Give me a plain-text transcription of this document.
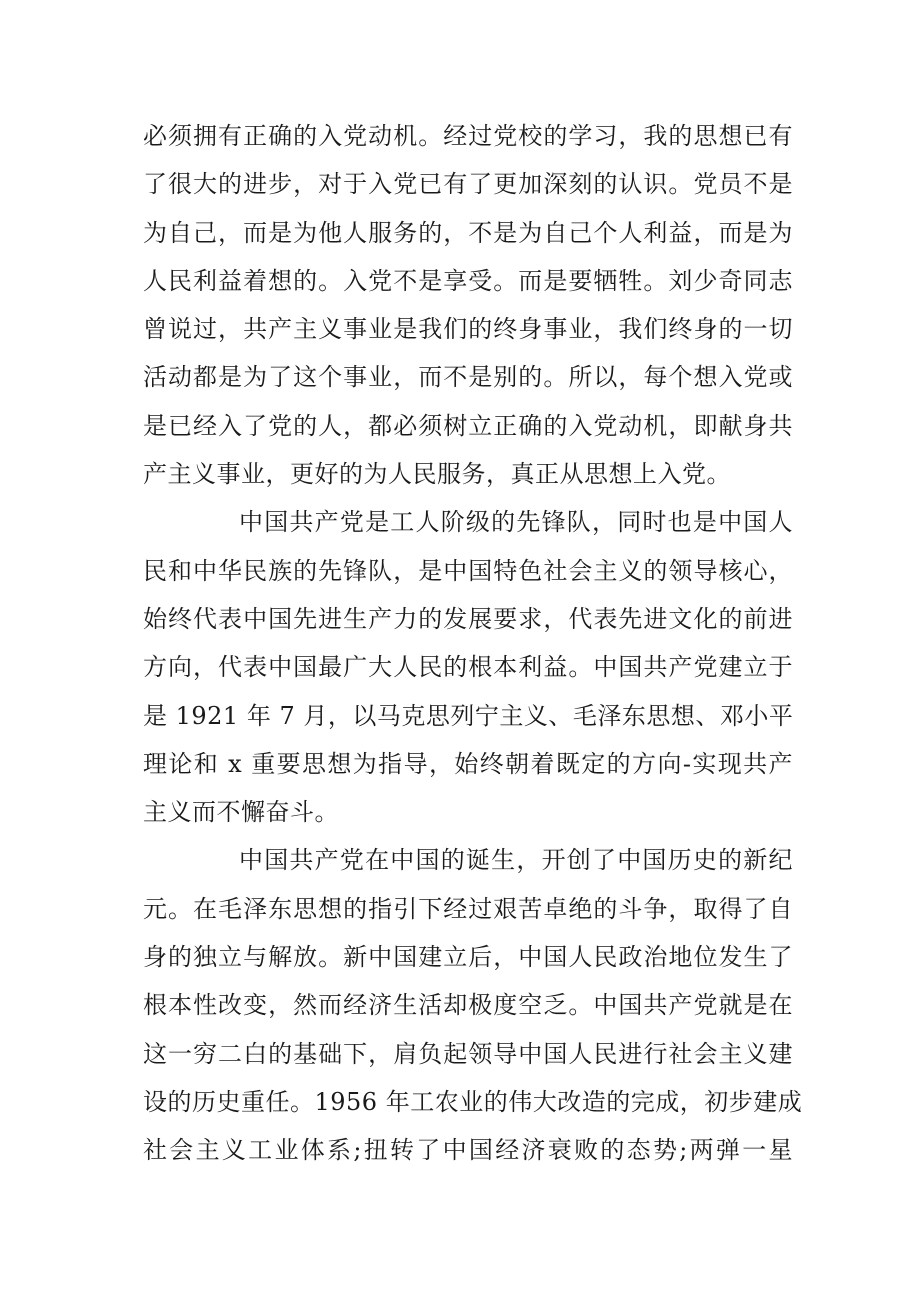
必须拥有正确的入党动机。经过党校的学习，我的思想已有
了很大的进步，对于入党已有了更加深刻的认识。党员不是
为自己，而是为他人服务的，不是为自己个人利益，而是为
人民利益着想的。入党不是享受。而是要牺牲。刘少奇同志
曾说过，共产主义事业是我们的终身事业，我们终身的一切
活动都是为了这个事业，而不是别的。所以，每个想入党或
是已经入了党的人，都必须树立正确的入党动机，即献身共
产主义事业，更好的为人民服务，真正从思想上入党。
中国共产党是工人阶级的先锋队，同时也是中国人
民和中华民族的先锋队，是中国特色社会主义的领导核心，
始终代表中国先进生产力的发展要求，代表先进文化的前进
方向，代表中国最广大人民的根本利益。中国共产党建立于
是 1921 年 7 月，以马克思列宁主义、毛泽东思想、邓小平
理论和 x 重要思想为指导，始终朝着既定的方向-实现共产
主义而不懈奋斗。
中国共产党在中国的诞生，开创了中国历史的新纪
元。在毛泽东思想的指引下经过艰苦卓绝的斗争，取得了自
身的独立与解放。新中国建立后，中国人民政治地位发生了
根本性改变，然而经济生活却极度空乏。中国共产党就是在
这一穷二白的基础下，肩负起领导中国人民进行社会主义建
设的历史重任。1956 年工农业的伟大改造的完成，初步建成
社会主义工业体系;扭转了中国经济衰败的态势;两弹一星
